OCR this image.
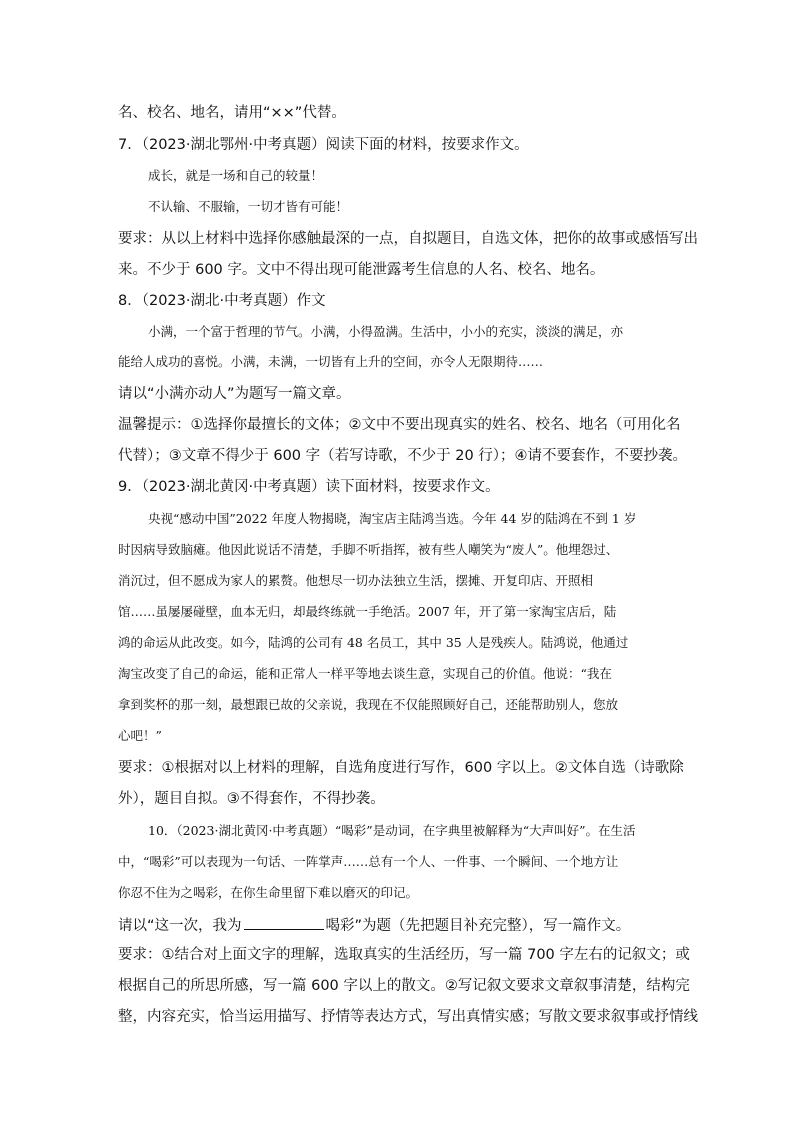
名、校名、地名，请用“××”代替。
7．（2023·湖北鄂州·中考真题）阅读下面的材料，按要求作文。
成长，就是一场和自己的较量！
不认输、不服输，一切才皆有可能！
要求：从以上材料中选择你感触最深的一点，自拟题目，自选文体，把你的故事或感悟写出
来。不少于 600 字。文中不得出现可能泄露考生信息的人名、校名、地名。
8．（2023·湖北·中考真题）作文
小满，一个富于哲理的节气。小满，小得盈满。生活中，小小的充实，淡淡的满足，亦
能给人成功的喜悦。小满，未满，一切皆有上升的空间，亦令人无限期待……
请以“小满亦动人”为题写一篇文章。
温馨提示：①选择你最擅长的文体；②文中不要出现真实的姓名、校名、地名（可用化名
代替）；③文章不得少于 600 字（若写诗歌，不少于 20 行）；④请不要套作，不要抄袭。
9．（2023·湖北黄冈·中考真题）读下面材料，按要求作文。
央视“感动中国”2022 年度人物揭晓，淘宝店主陆鸿当选。今年 44 岁的陆鸿在不到 1 岁
时因病导致脑瘫。他因此说话不清楚，手脚不听指挥，被有些人嘲笑为“废人”。他埋怨过、
消沉过，但不愿成为家人的累赘。他想尽一切办法独立生活，摆摊、开复印店、开照相
馆……虽屡屡碰壁，血本无归，却最终练就一手绝活。2007 年，开了第一家淘宝店后，陆
鸿的命运从此改变。如今，陆鸿的公司有 48 名员工，其中 35 人是残疾人。陆鸿说，他通过
淘宝改变了自己的命运，能和正常人一样平等地去谈生意，实现自己的价值。他说：“我在
拿到奖杯的那一刻，最想跟已故的父亲说，我现在不仅能照顾好自己，还能帮助别人，您放
心吧！”
要求：①根据对以上材料的理解，自选角度进行写作，600 字以上。②文体自选（诗歌除
外），题目自拟。③不得套作，不得抄袭。
10．（2023·湖北黄冈·中考真题）“喝彩”是动词，在字典里被解释为“大声叫好”。在生活
中，“喝彩”可以表现为一句话、一阵掌声……总有一个人、一件事、一个瞬间、一个地方让
你忍不住为之喝彩，在你生命里留下难以磨灭的印记。
请以“这一次，我为	喝彩”为题（先把题目补充完整），写一篇作文。
要求：①结合对上面文字的理解，选取真实的生活经历，写一篇 700 字左右的记叙文；或
根据自己的所思所感，写一篇 600 字以上的散文。②写记叙文要求文章叙事清楚，结构完
整，内容充实，恰当运用描写、抒情等表达方式，写出真情实感；写散文要求叙事或抒情线
